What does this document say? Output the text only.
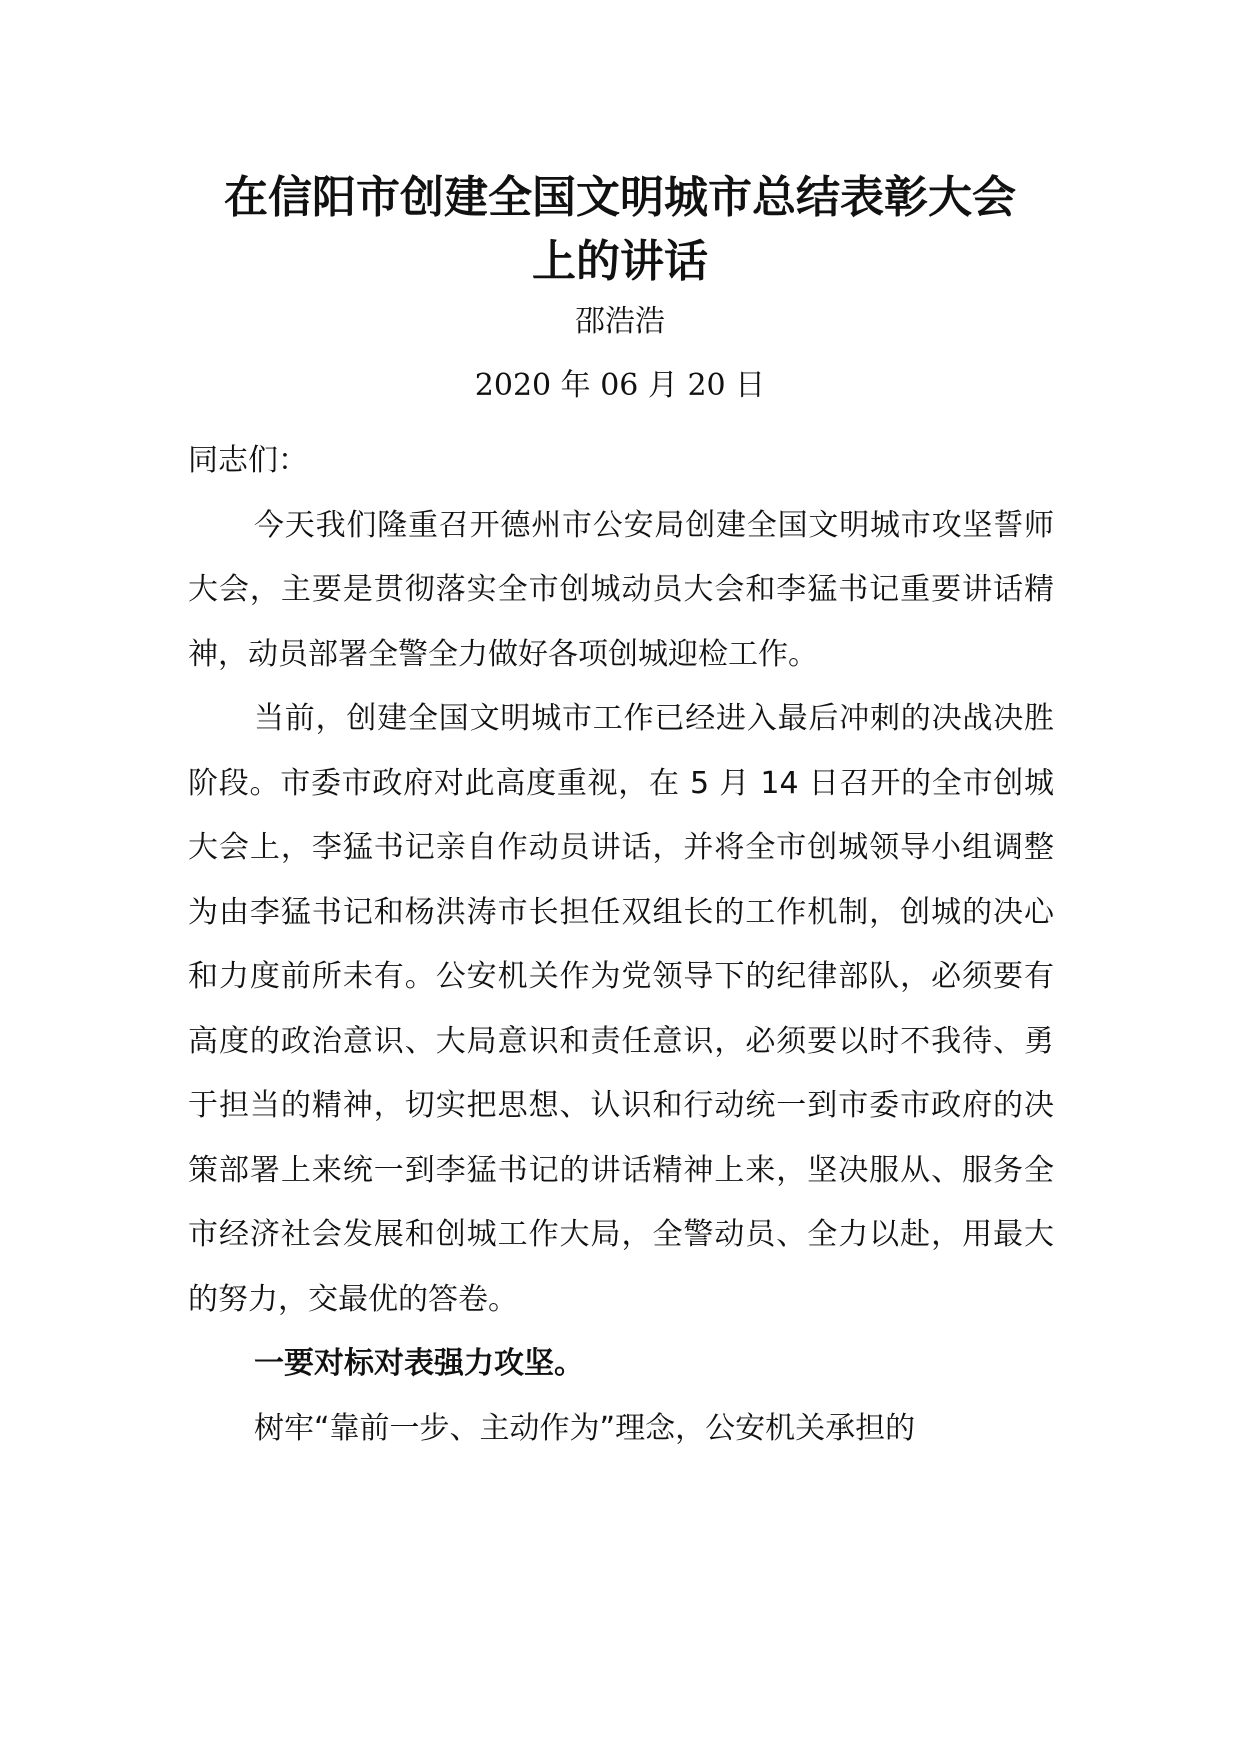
在信阳市创建全国文明城市总结表彰大会
上的讲话

邵浩浩

2020 年 06 月 20 日

同志们：

今天我们隆重召开德州市公安局创建全国文明城市攻坚誓师大会，主要是贯彻落实全市创城动员大会和李猛书记重要讲话精神，动员部署全警全力做好各项创城迎检工作。

当前，创建全国文明城市工作已经进入最后冲刺的决战决胜阶段。市委市政府对此高度重视，在 5 月 14 日召开的全市创城大会上，李猛书记亲自作动员讲话，并将全市创城领导小组调整为由李猛书记和杨洪涛市长担任双组长的工作机制，创城的决心和力度前所未有。公安机关作为党领导下的纪律部队，必须要有高度的政治意识、大局意识和责任意识，必须要以时不我待、勇于担当的精神，切实把思想、认识和行动统一到市委市政府的决策部署上来统一到李猛书记的讲话精神上来，坚决服从、服务全市经济社会发展和创城工作大局，全警动员、全力以赴，用最大的努力，交最优的答卷。

一要对标对表强力攻坚。

树牢“靠前一步、主动作为”理念，公安机关承担的
